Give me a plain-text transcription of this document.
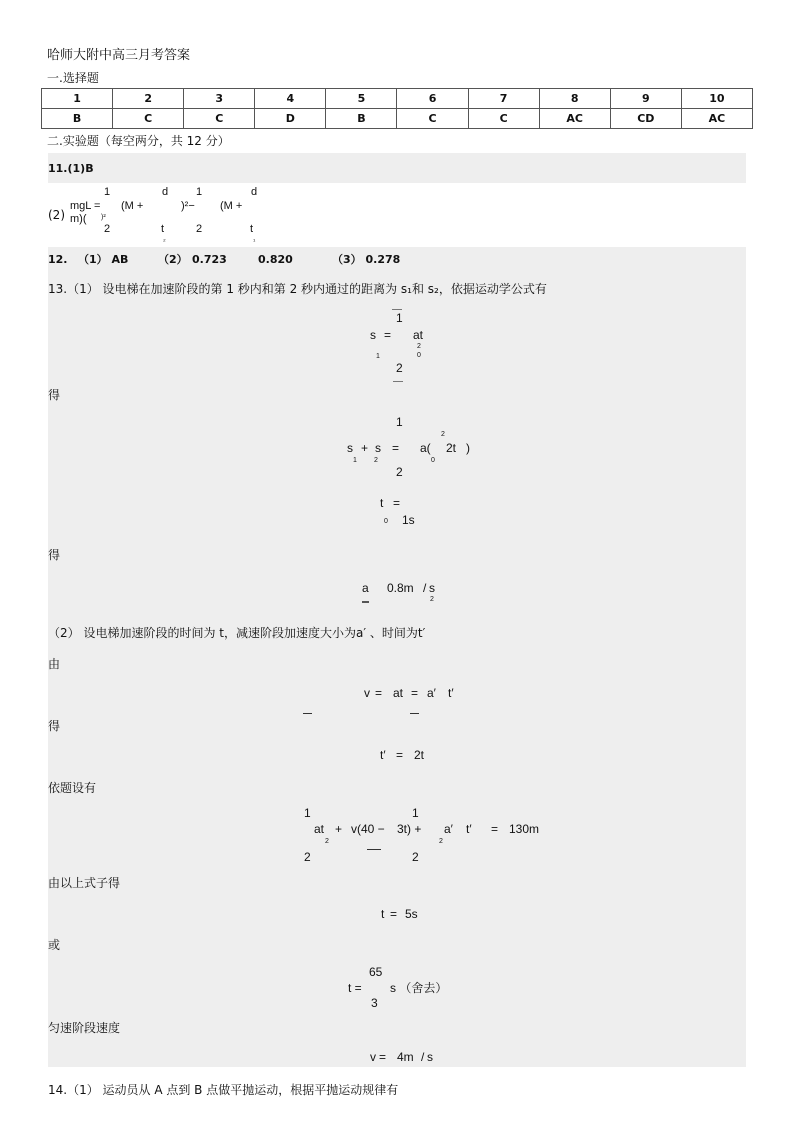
哈师大附中高三月考答案
一.选择题
1	2	3	4	5	6	7	8	9	10
B	C	C	D	B	C	C	AC	CD	AC
二.实验题（每空两分，共 12 分）
11.(1)B
(2)
mgL =
m)( )²
1
2
(M +
d
t
₂
)²−
1
2
(M +
d
t
₁
12. （1） AB	（2） 0.723	0.820	（3） 0.278
13.（1） 设电梯在加速阶段的第 1 秒内和第 2 秒内通过的距离为 s₁和 s₂，依据运动学公式有
1
s = at
2
0
1
2
得
1
s + s = a( 2t )
2
1 2	0
2
t =
1s
0
得
a 0.8m / s
2
（2） 设电梯加速阶段的时间为 t，减速阶段加速度大小为a′ 、时间为t′
由
v = at = a′ t′
得
t′ = 2t
依题设有
1
at + v(40 − 3t) +
1
a′ t′ = 130m
2	2
2	2
由以上式子得
t = 5s
或
65
t = s （舍去）
3
匀速阶段速度
v = 4m / s
14.（1） 运动员从 A 点到 B 点做平抛运动，根据平抛运动规律有
